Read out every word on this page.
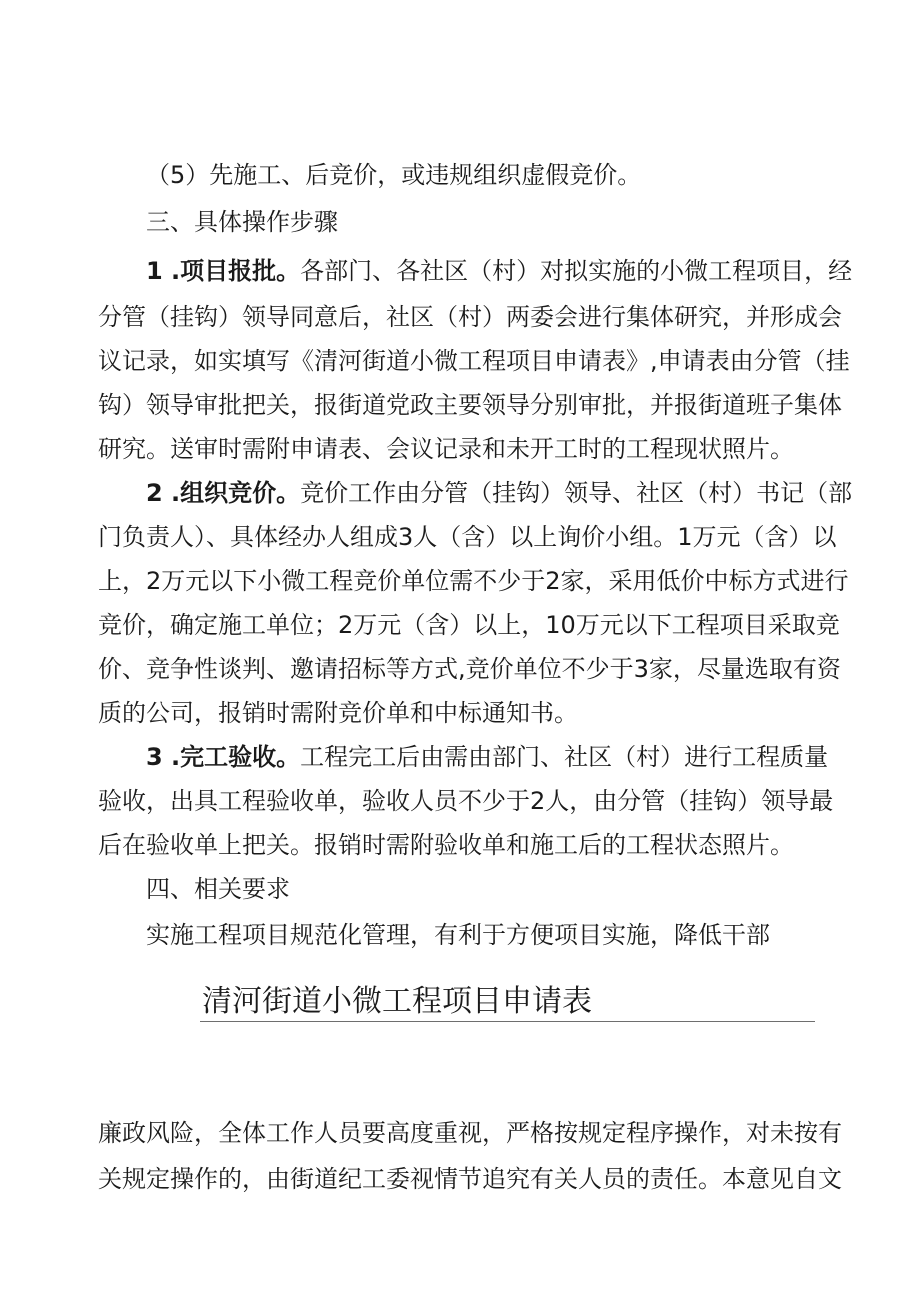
（5）先施工、后竞价，或违规组织虚假竞价。

三、具体操作步骤

1 .项目报批。各部门、各社区（村）对拟实施的小微工程项目，经

分管（挂钩）领导同意后，社区（村）两委会进行集体研究，并形成会

议记录，如实填写《清河街道小微工程项目申请表》,申请表由分管（挂

钩）领导审批把关，报街道党政主要领导分别审批，并报街道班子集体

研究。送审时需附申请表、会议记录和未开工时的工程现状照片。

2 .组织竞价。竞价工作由分管（挂钩）领导、社区（村）书记（部

门负责人）、具体经办人组成3人（含）以上询价小组。1万元（含）以

上，2万元以下小微工程竞价单位需不少于2家，采用低价中标方式进行

竞价，确定施工单位；2万元（含）以上，10万元以下工程项目采取竞

价、竞争性谈判、邀请招标等方式,竞价单位不少于3家，尽量选取有资

质的公司，报销时需附竞价单和中标通知书。

3 .完工验收。工程完工后由需由部门、社区（村）进行工程质量

验收，出具工程验收单，验收人员不少于2人，由分管（挂钩）领导最

后在验收单上把关。报销时需附验收单和施工后的工程状态照片。

四、相关要求

实施工程项目规范化管理，有利于方便项目实施，降低干部

清河街道小微工程项目申请表

廉政风险，全体工作人员要高度重视，严格按规定程序操作，对未按有

关规定操作的，由街道纪工委视情节追究有关人员的责任。本意见自文
